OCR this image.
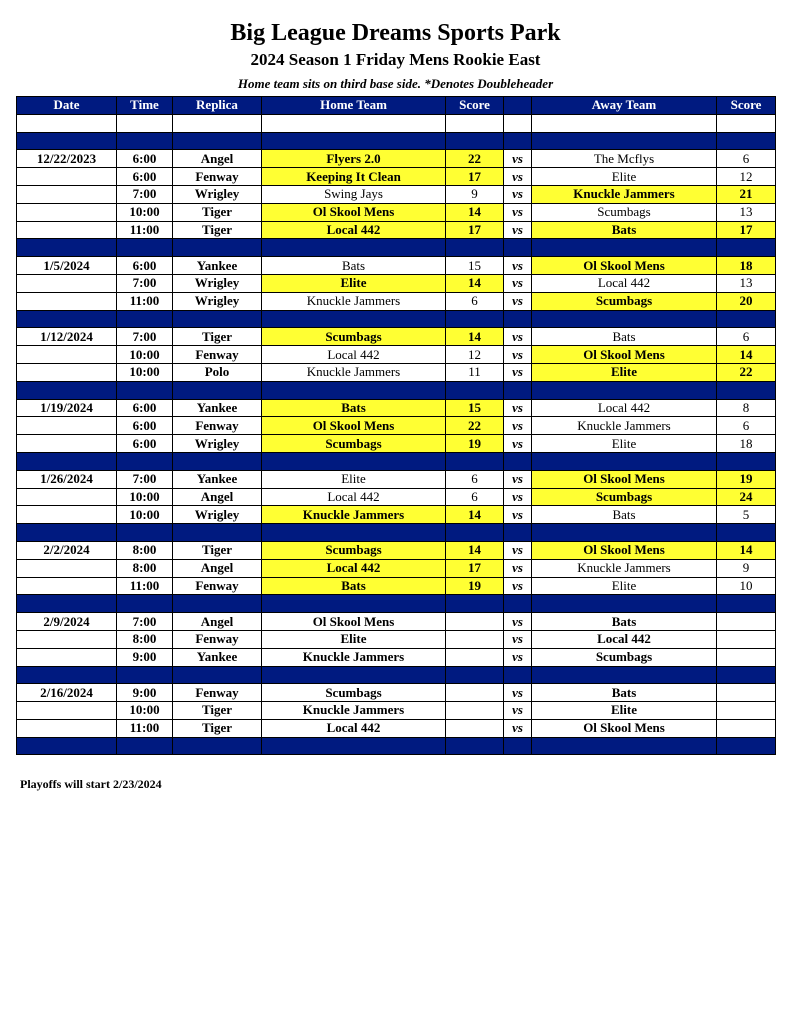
Big League Dreams Sports Park
2024 Season 1 Friday Mens Rookie East
Home team sits on third base side. *Denotes Doubleheader
Date	Time	Replica	Home Team	Score		Away Team	Score

12/22/2023	6:00	Angel	Flyers 2.0	22	vs	The Mcflys	6
	6:00	Fenway	Keeping It Clean	17	vs	Elite	12
	7:00	Wrigley	Swing Jays	9	vs	Knuckle Jammers	21
	10:00	Tiger	Ol Skool Mens	14	vs	Scumbags	13
	11:00	Tiger	Local 442	17	vs	Bats	17

1/5/2024	6:00	Yankee	Bats	15	vs	Ol Skool Mens	18
	7:00	Wrigley	Elite	14	vs	Local 442	13
	11:00	Wrigley	Knuckle Jammers	6	vs	Scumbags	20

1/12/2024	7:00	Tiger	Scumbags	14	vs	Bats	6
	10:00	Fenway	Local 442	12	vs	Ol Skool Mens	14
	10:00	Polo	Knuckle Jammers	11	vs	Elite	22

1/19/2024	6:00	Yankee	Bats	15	vs	Local 442	8
	6:00	Fenway	Ol Skool Mens	22	vs	Knuckle Jammers	6
	6:00	Wrigley	Scumbags	19	vs	Elite	18

1/26/2024	7:00	Yankee	Elite	6	vs	Ol Skool Mens	19
	10:00	Angel	Local 442	6	vs	Scumbags	24
	10:00	Wrigley	Knuckle Jammers	14	vs	Bats	5

2/2/2024	8:00	Tiger	Scumbags	14	vs	Ol Skool Mens	14
	8:00	Angel	Local 442	17	vs	Knuckle Jammers	9
	11:00	Fenway	Bats	19	vs	Elite	10

2/9/2024	7:00	Angel	Ol Skool Mens		vs	Bats	
	8:00	Fenway	Elite		vs	Local 442	
	9:00	Yankee	Knuckle Jammers		vs	Scumbags	

2/16/2024	9:00	Fenway	Scumbags		vs	Bats	
	10:00	Tiger	Knuckle Jammers		vs	Elite	
	11:00	Tiger	Local 442		vs	Ol Skool Mens	

Playoffs will start 2/23/2024
